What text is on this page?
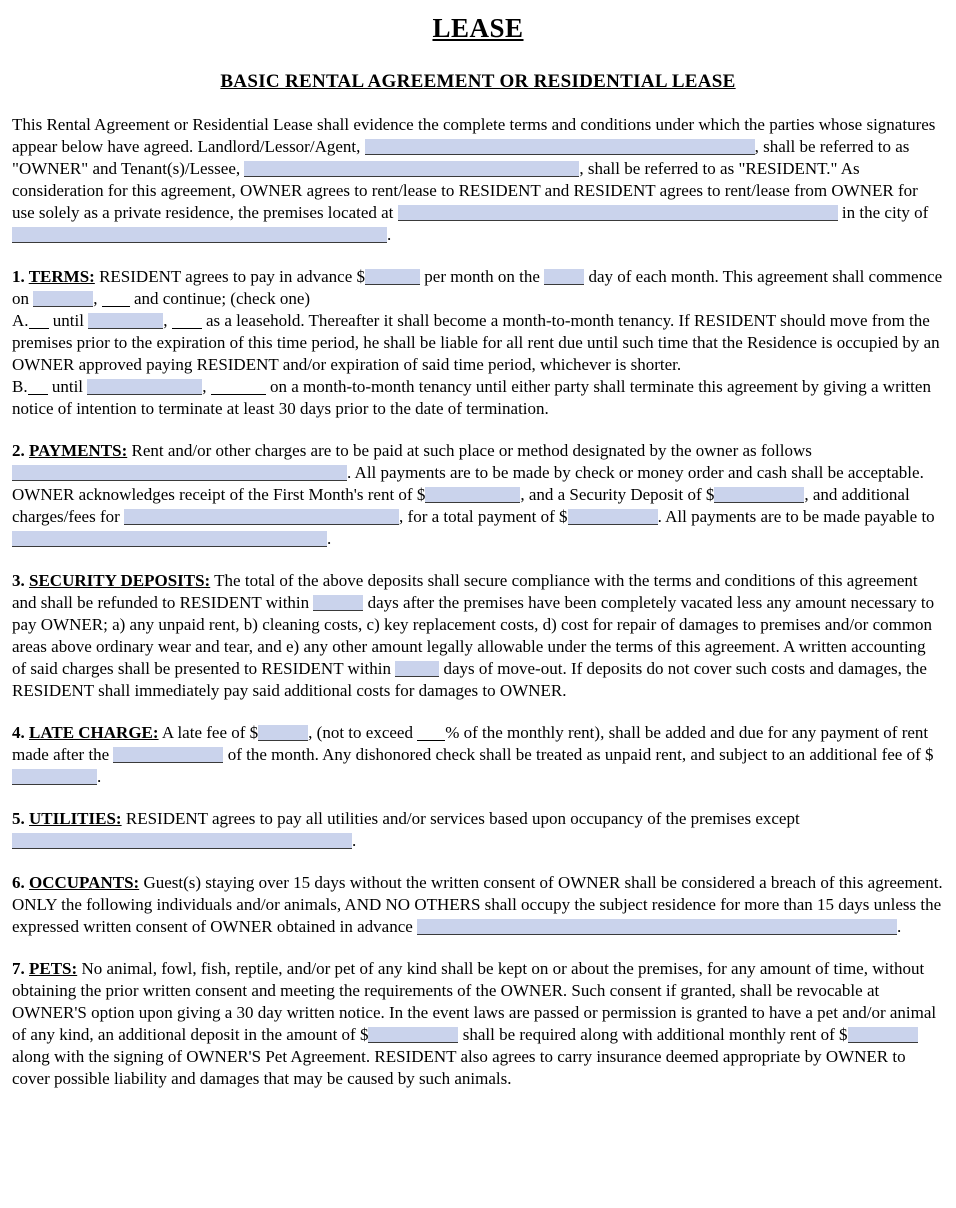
LEASE
BASIC RENTAL AGREEMENT OR RESIDENTIAL LEASE

This Rental Agreement or Residential Lease shall evidence the complete terms and conditions under which the parties whose signatures appear below have agreed. Landlord/Lessor/Agent,	, shall be referred to as "OWNER" and Tenant(s)/Lessee,	, shall be referred to as "RESIDENT." As consideration for this agreement, OWNER agrees to rent/lease to RESIDENT and RESIDENT agrees to rent/lease from OWNER for use solely as a private residence, the premises located at	in the city of .

1. TERMS: RESIDENT agrees to pay in advance $	per month on the  day of each month. This agreement shall commence on	,  and continue; (check one)
A. until	,  as a leasehold. Thereafter it shall become a month-to-month tenancy. If RESIDENT should move from the premises prior to the expiration of this time period, he shall be liable for all rent due until such time that the Residence is occupied by an OWNER approved paying RESIDENT and/or expiration of said time period, whichever is shorter.
B. until	,	on a month-to-month tenancy until either party shall terminate this agreement by giving a written notice of intention to terminate at least 30 days prior to the date of termination.

2. PAYMENTS: Rent and/or other charges are to be paid at such place or method designated by the owner as follows . All payments are to be made by check or money order and cash shall be acceptable. OWNER acknowledges receipt of the First Month's rent of $	, and a Security Deposit of $	, and additional charges/fees for	, for a total payment of $	. All payments are to be made payable to .

3. SECURITY DEPOSITS: The total of the above deposits shall secure compliance with the terms and conditions of this agreement and shall be refunded to RESIDENT within	days after the premises have been completely vacated less any amount necessary to pay OWNER; a) any unpaid rent, b) cleaning costs, c) key replacement costs, d) cost for repair of damages to premises and/or common areas above ordinary wear and tear, and e) any other amount legally allowable under the terms of this agreement. A written accounting of said charges shall be presented to RESIDENT within	days of move-out. If deposits do not cover such costs and damages, the RESIDENT shall immediately pay said additional costs for damages to OWNER.

4. LATE CHARGE: A late fee of $	, (not to exceed % of the monthly rent), shall be added and due for any payment of rent made after the	of the month. Any dishonored check shall be treated as unpaid rent, and subject to an additional fee of $.

5. UTILITIES: RESIDENT agrees to pay all utilities and/or services based upon occupancy of the premises except .

6. OCCUPANTS: Guest(s) staying over 15 days without the written consent of OWNER shall be considered a breach of this agreement. ONLY the following individuals and/or animals, AND NO OTHERS shall occupy the subject residence for more than 15 days unless the expressed written consent of OWNER obtained in advance	.

7. PETS: No animal, fowl, fish, reptile, and/or pet of any kind shall be kept on or about the premises, for any amount of time, without obtaining the prior written consent and meeting the requirements of the OWNER. Such consent if granted, shall be revocable at OWNER'S option upon giving a 30 day written notice. In the event laws are passed or permission is granted to have a pet and/or animal of any kind, an additional deposit in the amount of $	shall be required along with additional monthly rent of $ along with the signing of OWNER'S Pet Agreement. RESIDENT also agrees to carry insurance deemed appropriate by OWNER to cover possible liability and damages that may be caused by such animals.
